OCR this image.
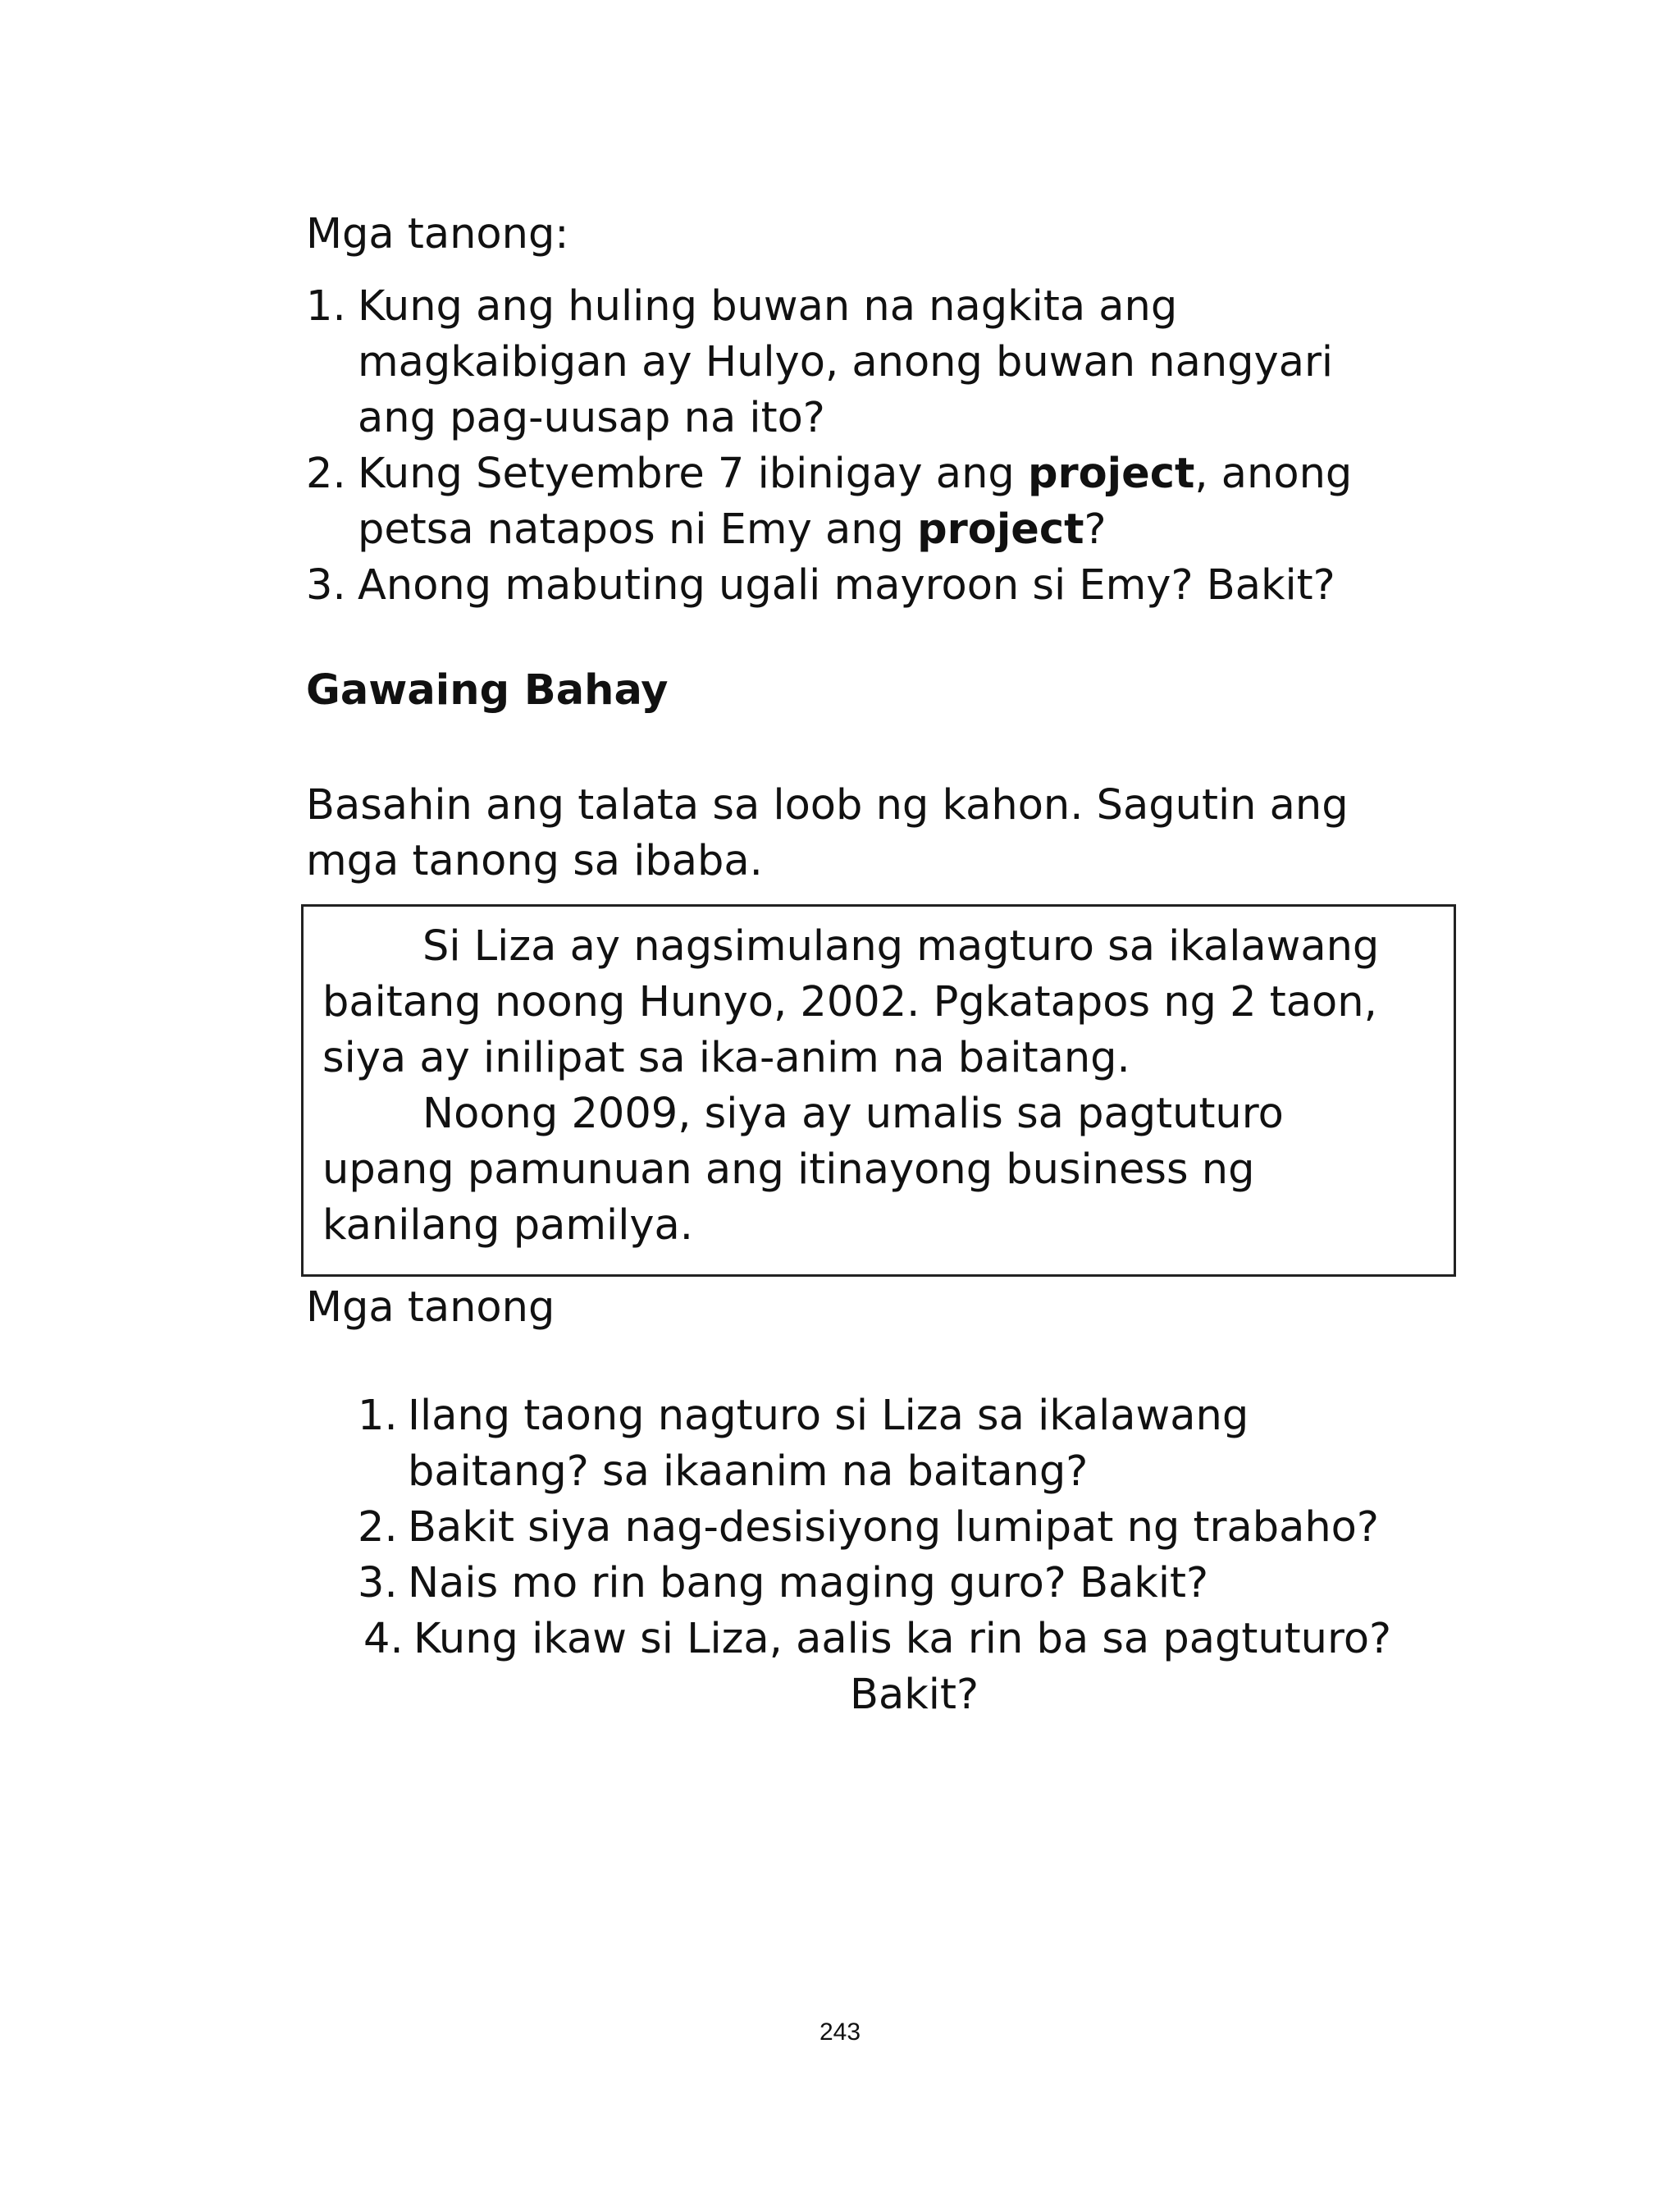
Mga tanong:
1. Kung ang huling buwan na nagkita ang
magkaibigan ay Hulyo, anong buwan nangyari
ang pag-uusap na ito?
2. Kung Setyembre 7 ibinigay ang project, anong
petsa natapos ni Emy ang project?
3. Anong mabuting ugali mayroon si Emy? Bakit?
Gawaing Bahay
Basahin ang talata sa loob ng kahon. Sagutin ang
mga tanong sa ibaba.
Si Liza ay nagsimulang magturo sa ikalawang
baitang noong Hunyo, 2002. Pgkatapos ng 2 taon,
siya ay inilipat sa ika-anim na baitang.
Noong 2009, siya ay umalis sa pagtuturo
upang pamunuan ang itinayong business ng
kanilang pamilya.
Mga tanong
1. Ilang taong nagturo si Liza sa ikalawang
baitang? sa ikaanim na baitang?
2. Bakit siya nag-desisiyong lumipat ng trabaho?
3. Nais mo rin bang maging guro? Bakit?
4. Kung ikaw si Liza, aalis ka rin ba sa pagtuturo?
Bakit?
243
